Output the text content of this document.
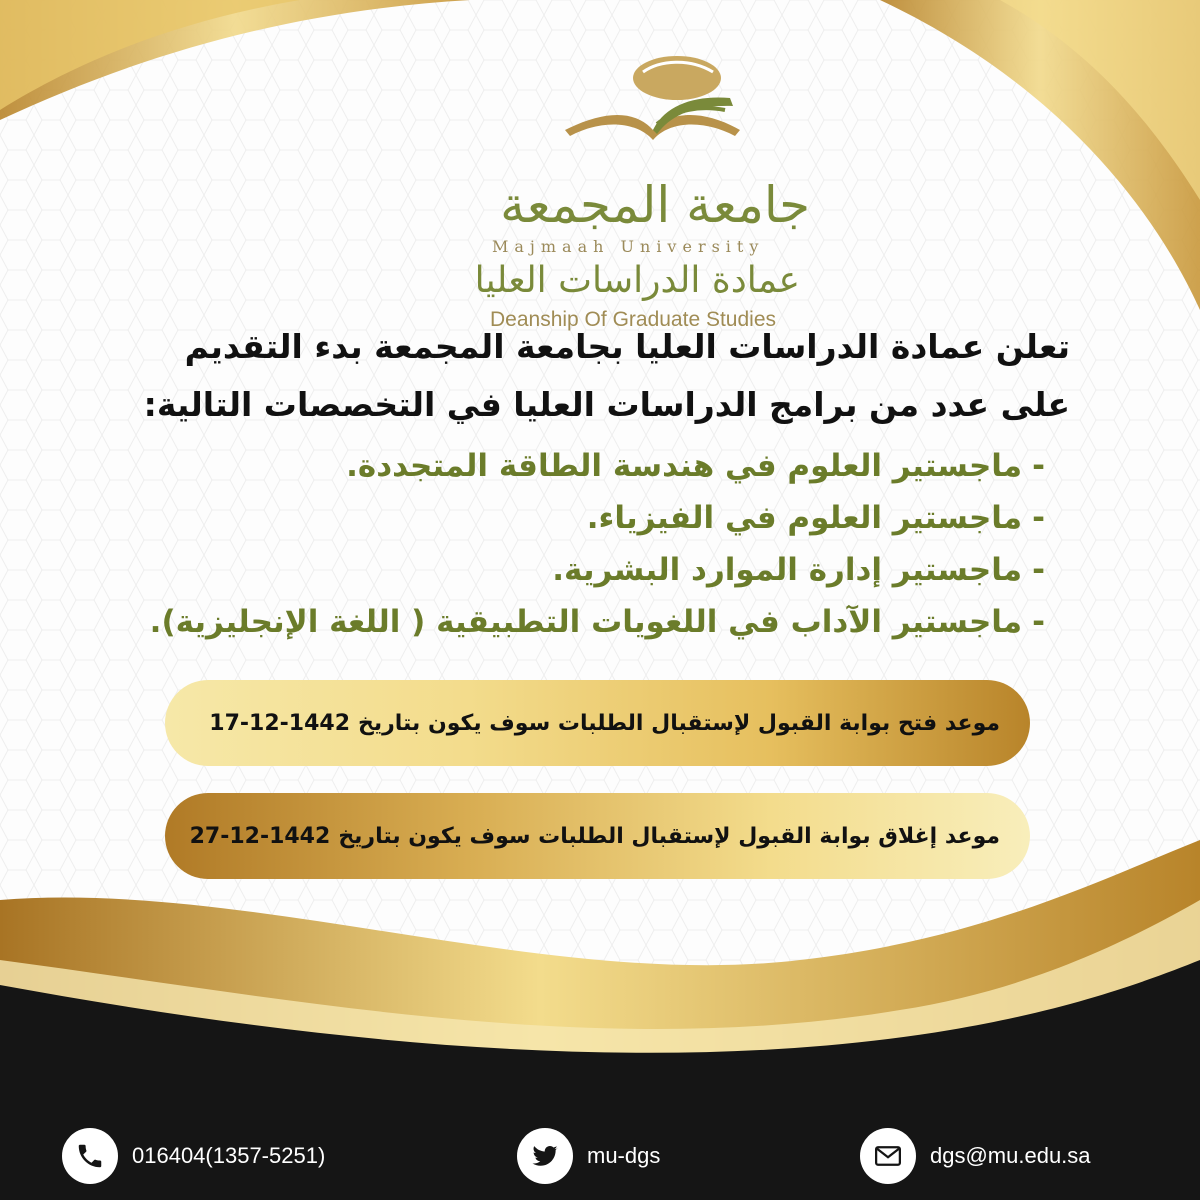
جامعة المجمعة
Majmaah University
عمادة الدراسات العليا
Deanship Of Graduate Studies
تعلن عمادة الدراسات العليا بجامعة المجمعة بدء التقديم
على عدد من برامج الدراسات العليا في التخصصات التالية:
-ماجستير العلوم في هندسة الطاقة المتجددة.
-ماجستير العلوم في الفيزياء.
-ماجستير إدارة الموارد البشرية.
-ماجستير الآداب في اللغويات التطبيقية ( اللغة الإنجليزية).
موعد فتح بوابة القبول لإستقبال الطلبات سوف يكون بتاريخ
17-12-1442
موعد إغلاق بوابة القبول لإستقبال الطلبات سوف يكون بتاريخ
27-12-1442
016404(1357-5251)	mu-dgs	dgs@mu.edu.sa
